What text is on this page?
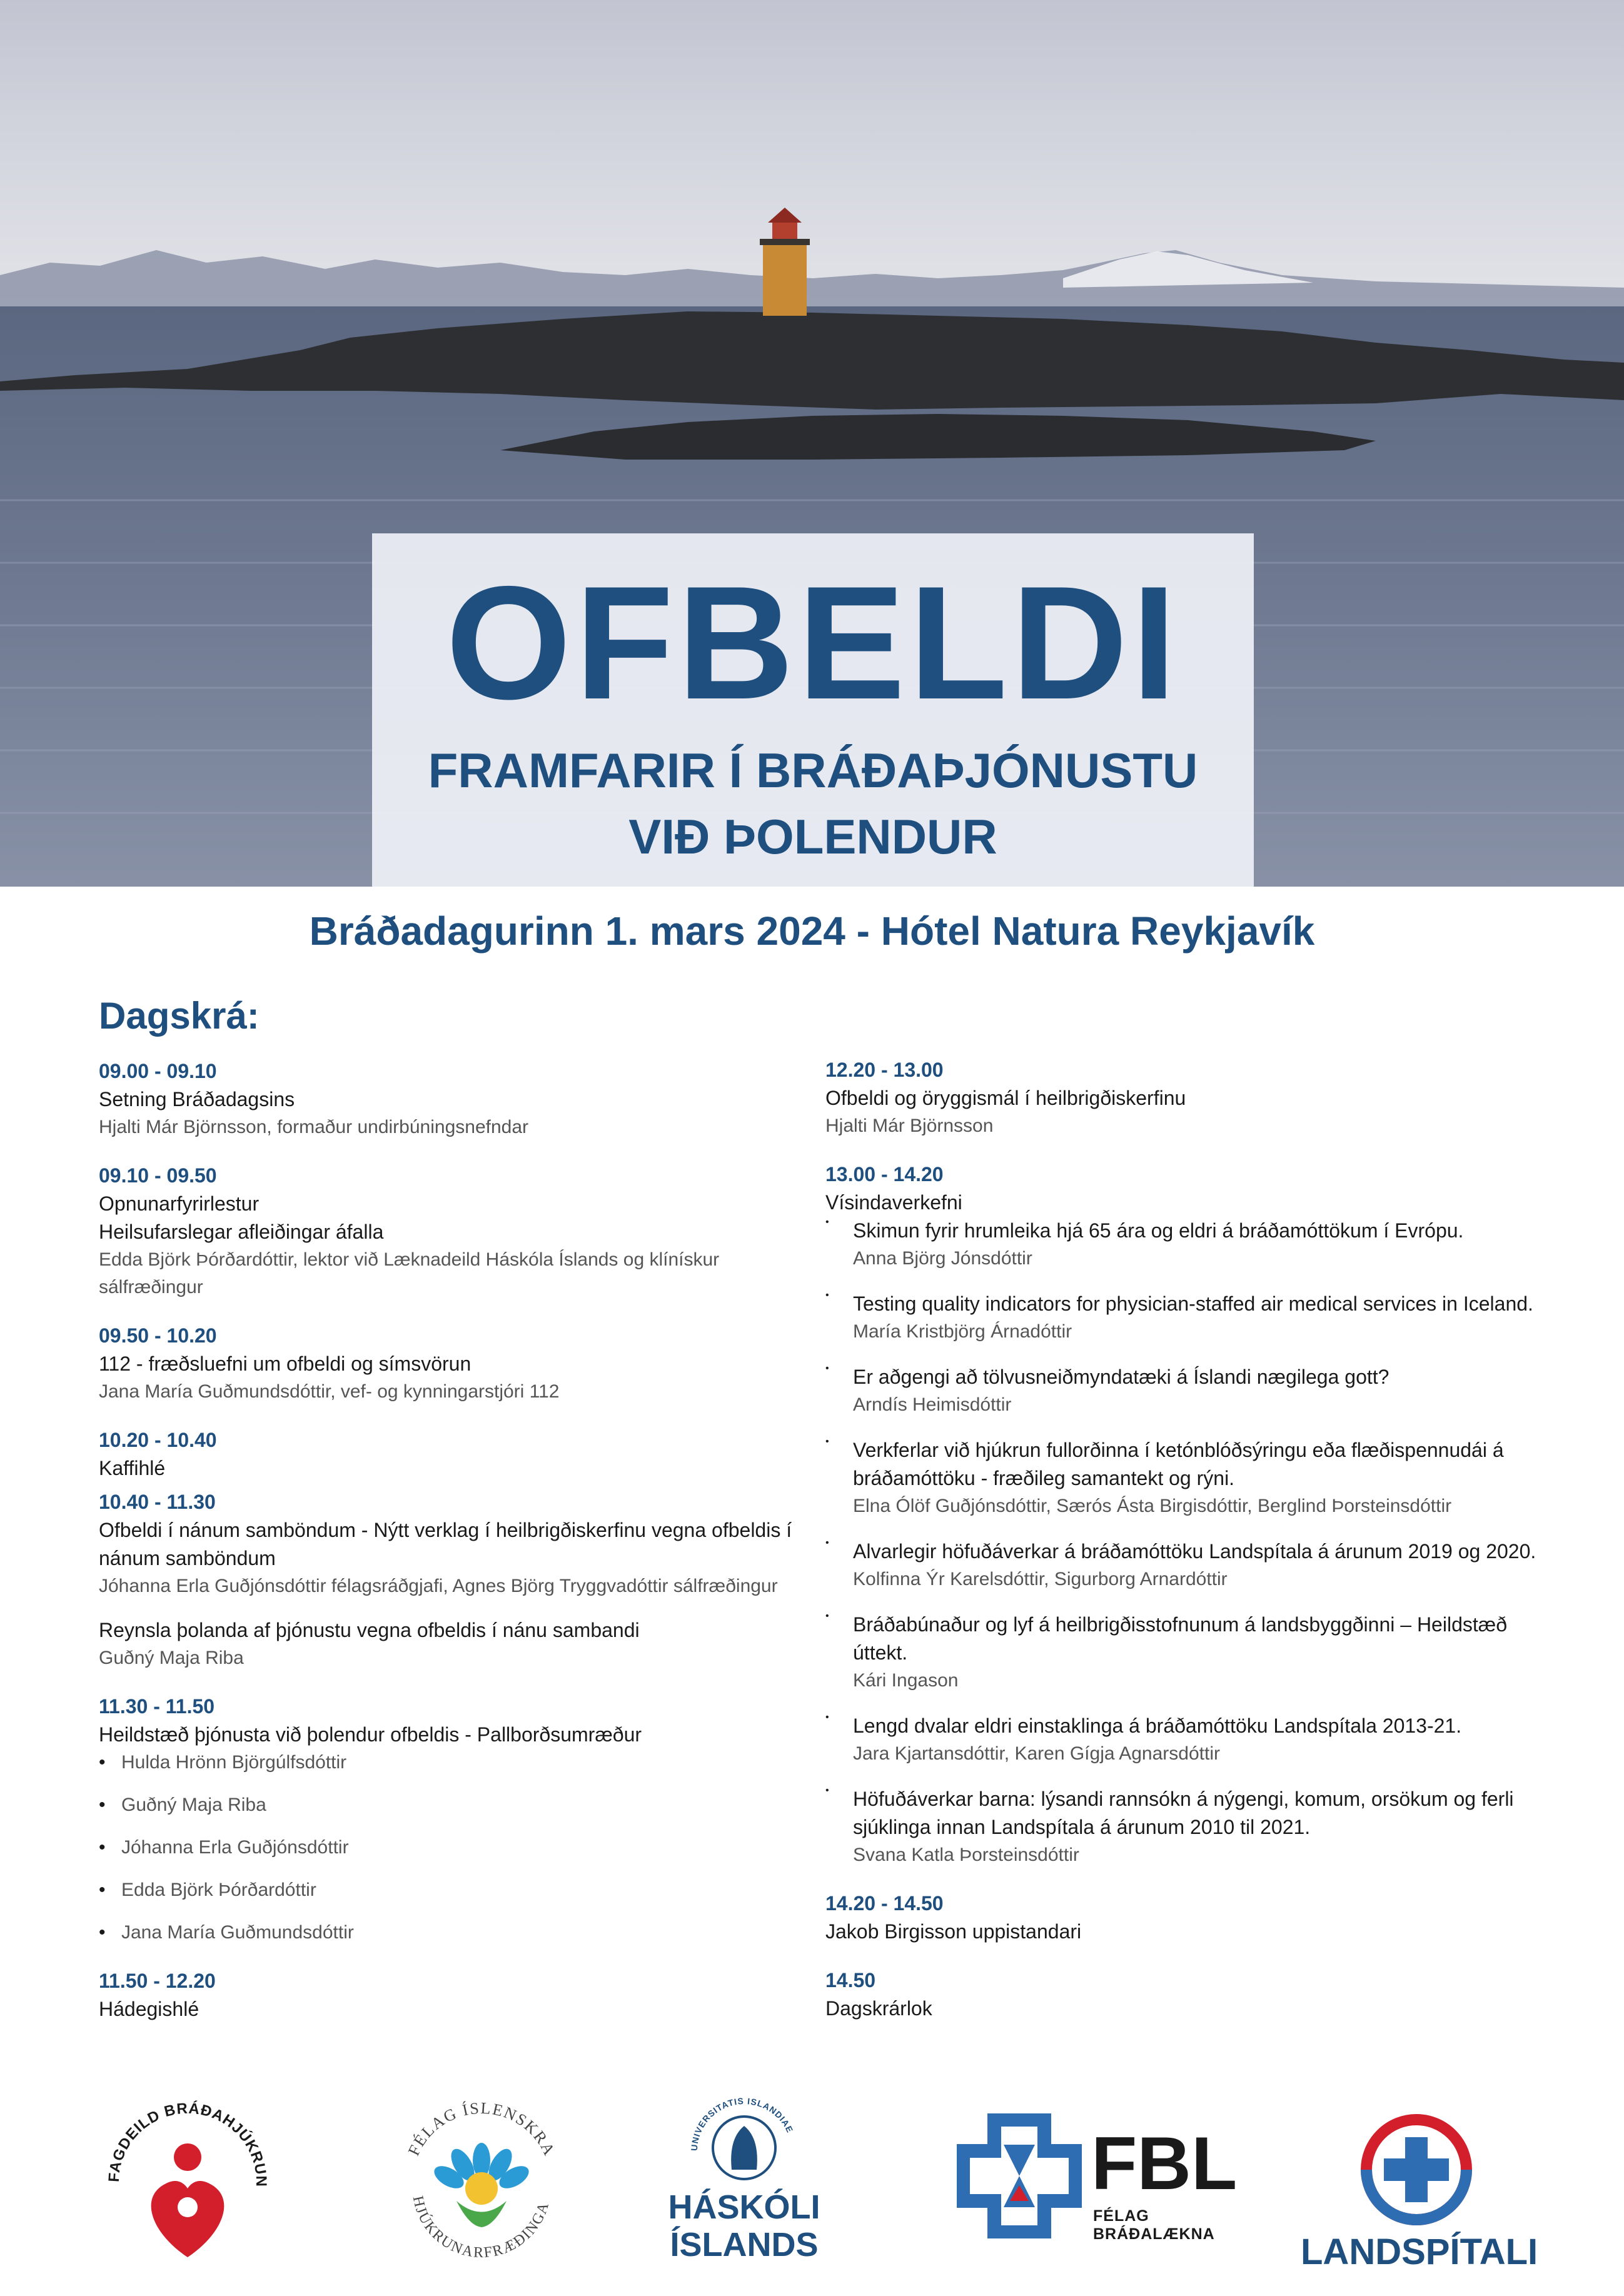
OFBELDI
FRAMFARIR Í BRÁÐAÞJÓNUSTU
VIÐ ÞOLENDUR
Bráðadagurinn 1. mars 2024 - Hótel Natura Reykjavík
Dagskrá:
09.00 - 09.10
Setning Bráðadagsins
Hjalti Már Björnsson, formaður undirbúningsnefndar
09.10 - 09.50
Opnunarfyrirlestur
Heilsufarslegar afleiðingar áfalla
Edda Björk Þórðardóttir, lektor við Læknadeild Háskóla Íslands og klínískur sálfræðingur
09.50 - 10.20
112 - fræðsluefni um ofbeldi og símsvörun
Jana María Guðmundsdóttir, vef- og kynningarstjóri 112
10.20 - 10.40
Kaffihlé
10.40 - 11.30
Ofbeldi í nánum samböndum - Nýtt verklag í heilbrigðiskerfinu vegna ofbeldis í nánum samböndum
Jóhanna Erla Guðjónsdóttir félagsráðgjafi, Agnes Björg Tryggvadóttir sálfræðingur
Reynsla þolanda af þjónustu vegna ofbeldis í nánu sambandi
Guðný Maja Riba
11.30 - 11.50
Heildstæð þjónusta við þolendur ofbeldis - Pallborðsumræður
• Hulda Hrönn Björgúlfsdóttir
• Guðný Maja Riba
• Jóhanna Erla Guðjónsdóttir
• Edda Björk Þórðardóttir
• Jana María Guðmundsdóttir
11.50 - 12.20
Hádegishlé
12.20 - 13.00
Ofbeldi og öryggismál í heilbrigðiskerfinu
Hjalti Már Björnsson
13.00 - 14.20
Vísindaverkefni
• Skimun fyrir hrumleika hjá 65 ára og eldri á bráðamóttökum í Evrópu.
Anna Björg Jónsdóttir
• Testing quality indicators for physician-staffed air medical services in Iceland.
María Kristbjörg Árnadóttir
• Er aðgengi að tölvusneiðmyndatæki á Íslandi nægilega gott?
Arndís Heimisdóttir
• Verkferlar við hjúkrun fullorðinna í ketónblóðsýringu eða flæðispennudái á bráðamóttöku - fræðileg samantekt og rýni.
Elna Ólöf Guðjónsdóttir, Særós Ásta Birgisdóttir, Berglind Þorsteinsdóttir
• Alvarlegir höfuðáverkar á bráðamóttöku Landspítala á árunum 2019 og 2020.
Kolfinna Ýr Karelsdóttir, Sigurborg Arnardóttir
• Bráðabúnaður og lyf á heilbrigðisstofnunum á landsbyggðinni – Heildstæð úttekt.
Kári Ingason
• Lengd dvalar eldri einstaklinga á bráðamóttöku Landspítala 2013-21.
Jara Kjartansdóttir, Karen Gígja Agnarsdóttir
• Höfuðáverkar barna: lýsandi rannsókn á nýgengi, komum, orsökum og ferli sjúklinga innan Landspítala á árunum 2010 til 2021.
Svana Katla Þorsteinsdóttir
14.20 - 14.50
Jakob Birgisson uppistandari
14.50
Dagskrárlok
FAGDEILD BRÁÐAHJÚKRUN
FÉLAG ÍSLENSKRA
HJÚKRUNARFRÆÐINGA
UNIVERSITATIS ISLANDIAE
HÁSKÓLI
ÍSLANDS
FBL
FÉLAG BRÁÐALÆKNA	LANDSPÍTALI
